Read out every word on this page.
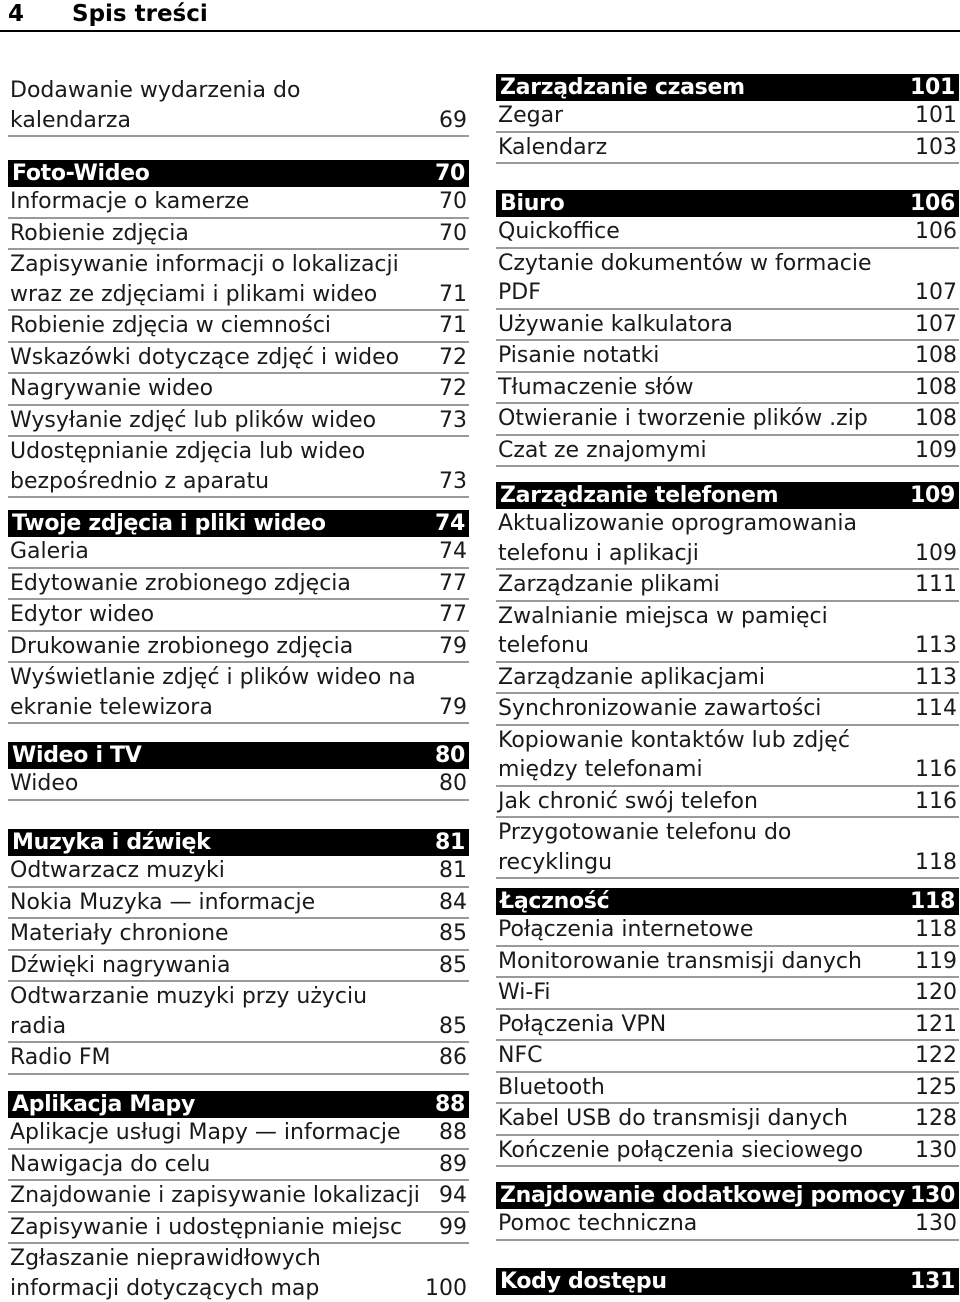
4 Spis treści
Dodawanie wydarzenia do
kalendarza	69
Foto-Wideo	70
Informacje o kamerze	70
Robienie zdjęcia	70
Zapisywanie informacji o lokalizacji
wraz ze zdjęciami i plikami wideo	71
Robienie zdjęcia w ciemności	71
Wskazówki dotyczące zdjęć i wideo	72
Nagrywanie wideo	72
Wysyłanie zdjęć lub plików wideo	73
Udostępnianie zdjęcia lub wideo
bezpośrednio z aparatu	73
Twoje zdjęcia i pliki wideo	74
Galeria	74
Edytowanie zrobionego zdjęcia	77
Edytor wideo	77
Drukowanie zrobionego zdjęcia	79
Wyświetlanie zdjęć i plików wideo na
ekranie telewizora	79
Wideo i TV	80
Wideo	80
Muzyka i dźwięk	81
Odtwarzacz muzyki	81
Nokia Muzyka — informacje	84
Materiały chronione	85
Dźwięki nagrywania	85
Odtwarzanie muzyki przy użyciu
radia	85
Radio FM	86
Aplikacja Mapy	88
Aplikacje usługi Mapy — informacje	88
Nawigacja do celu	89
Znajdowanie i zapisywanie lokalizacji 94
Zapisywanie i udostępnianie miejsc	99
Zgłaszanie nieprawidłowych
informacji dotyczących map	100
Zarządzanie czasem	101
Zegar	101
Kalendarz	103
Biuro	106
Quickoffice	106
Czytanie dokumentów w formacie
PDF	107
Używanie kalkulatora	107
Pisanie notatki	108
Tłumaczenie słów	108
Otwieranie i tworzenie plików .zip	108
Czat ze znajomymi	109
Zarządzanie telefonem	109
Aktualizowanie oprogramowania
telefonu i aplikacji	109
Zarządzanie plikami	111
Zwalnianie miejsca w pamięci
telefonu	113
Zarządzanie aplikacjami	113
Synchronizowanie zawartości	114
Kopiowanie kontaktów lub zdjęć
między telefonami	116
Jak chronić swój telefon	116
Przygotowanie telefonu do
recyklingu	118
Łączność	118
Połączenia internetowe	118
Monitorowanie transmisji danych	119
Wi-Fi	120
Połączenia VPN	121
NFC	122
Bluetooth	125
Kabel USB do transmisji danych	128
Kończenie połączenia sieciowego	130
Znajdowanie dodatkowej pomocy 130
Pomoc techniczna	130
Kody dostępu	131
